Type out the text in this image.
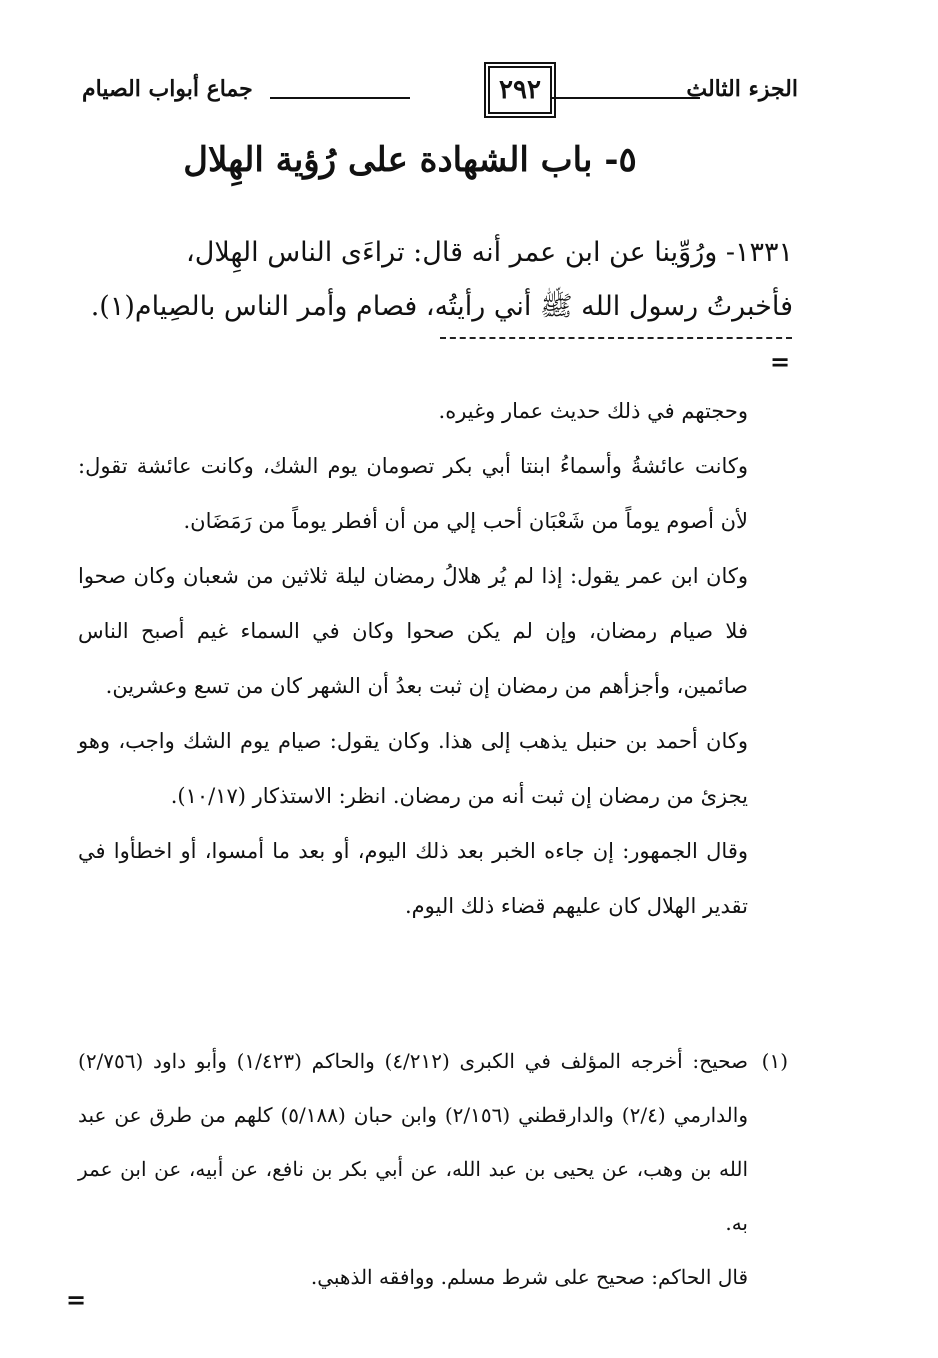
الجزء الثالث
٢٩٢
جماع أبواب الصيام
٥- باب الشهادة على رُؤية الهِلال
١٣٣١- ورُوِّينا عن ابن عمر أنه قال: تراءَى الناس الهِلال،
فأخبرتُ رسول الله ﷺ أني رأيتُه، فصام وأمر الناس بالصِيام(١).
=
وحجتهم في ذلك حديث عمار وغيره.
وكانت عائشةُ وأسماءُ ابنتا أبي بكر تصومان يوم الشك، وكانت عائشة تقول: لأن أصوم يوماً من شَعْبَان أحب إلي من أن أفطر يوماً من رَمَضَان.
وكان ابن عمر يقول: إذا لم يُر هلالُ رمضان ليلة ثلاثين من شعبان وكان صحوا فلا صيام رمضان، وإن لم يكن صحوا وكان في السماء غيم أصبح الناس صائمين، وأجزأهم من رمضان إن ثبت بعدُ أن الشهر كان من تسع وعشرين.
وكان أحمد بن حنبل يذهب إلى هذا. وكان يقول: صيام يوم الشك واجب، وهو يجزئ من رمضان إن ثبت أنه من رمضان. انظر: الاستذكار (١٠/١٧).
وقال الجمهور: إن جاءه الخبر بعد ذلك اليوم، أو بعد ما أمسوا، أو اخطأوا في تقدير الهلال كان عليهم قضاء ذلك اليوم.
(١)
صحيح: أخرجه المؤلف في الكبرى (٤/٢١٢) والحاكم (١/٤٢٣) وأبو داود (٢/٧٥٦) والدارمي (٢/٤) والدارقطني (٢/١٥٦) وابن حبان (٥/١٨٨) كلهم من طرق عن عبد الله بن وهب، عن يحيى بن عبد الله، عن أبي بكر بن نافع، عن أبيه، عن ابن عمر به.
قال الحاكم: صحيح على شرط مسلم. ووافقه الذهبي.
=
